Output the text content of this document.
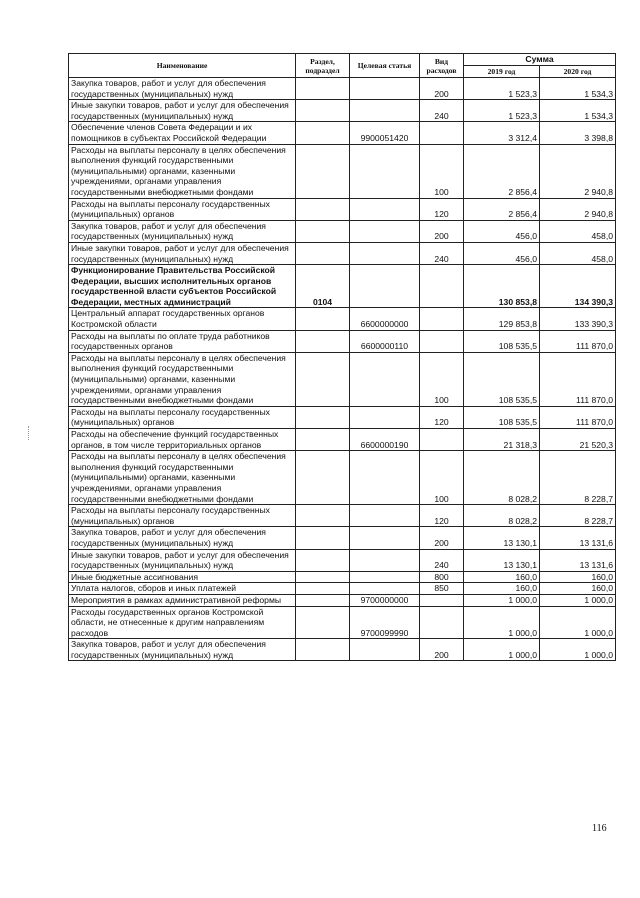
Наименование	Раздел, подраздел	Целевая статья	Вид расходов	Сумма	
				2019 год	2020 год
Закупка товаров, работ и услуг для обеспечения государственных (муниципальных) нужд			200	1 523,3	1 534,3
Иные закупки товаров, работ и услуг для обеспечения государственных (муниципальных) нужд			240	1 523,3	1 534,3
Обеспечение членов Совета Федерации и их помощников в субъектах Российской Федерации		9900051420		3 312,4	3 398,8
Расходы на выплаты персоналу в целях обеспечения выполнения функций государственными (муниципальными) органами, казенными учреждениями, органами управления государственными внебюджетными фондами			100	2 856,4	2 940,8
Расходы на выплаты персоналу государственных (муниципальных) органов			120	2 856,4	2 940,8
Закупка товаров, работ и услуг для обеспечения государственных (муниципальных) нужд			200	456,0	458,0
Иные закупки товаров, работ и услуг для обеспечения государственных (муниципальных) нужд			240	456,0	458,0
Функционирование Правительства Российской Федерации, высших исполнительных органов государственной власти субъектов Российской Федерации, местных администраций	0104			130 853,8	134 390,3
Центральный аппарат государственных органов Костромской области		6600000000		129 853,8	133 390,3
Расходы на выплаты по оплате труда работников государственных органов		6600000110		108 535,5	111 870,0
Расходы на выплаты персоналу в целях обеспечения выполнения функций государственными (муниципальными) органами, казенными учреждениями, органами управления государственными внебюджетными фондами			100	108 535,5	111 870,0
Расходы на выплаты персоналу государственных (муниципальных) органов			120	108 535,5	111 870,0
Расходы на обеспечение функций государственных органов, в том числе территориальных органов		6600000190		21 318,3	21 520,3
Расходы на выплаты персоналу в целях обеспечения выполнения функций государственными (муниципальными) органами, казенными учреждениями, органами управления государственными внебюджетными фондами			100	8 028,2	8 228,7
Расходы на выплаты персоналу государственных (муниципальных) органов			120	8 028,2	8 228,7
Закупка товаров, работ и услуг для обеспечения государственных (муниципальных) нужд			200	13 130,1	13 131,6
Иные закупки товаров, работ и услуг для обеспечения государственных (муниципальных) нужд			240	13 130,1	13 131,6
Иные бюджетные ассигнования			800	160,0	160,0
Уплата налогов, сборов и иных платежей			850	160,0	160,0
Мероприятия в рамках административной реформы		9700000000		1 000,0	1 000,0
Расходы государственных органов Костромской области, не отнесенные к другим направлениям расходов		9700099990		1 000,0	1 000,0
Закупка товаров, работ и услуг для обеспечения государственных (муниципальных) нужд			200	1 000,0	1 000,0
116
